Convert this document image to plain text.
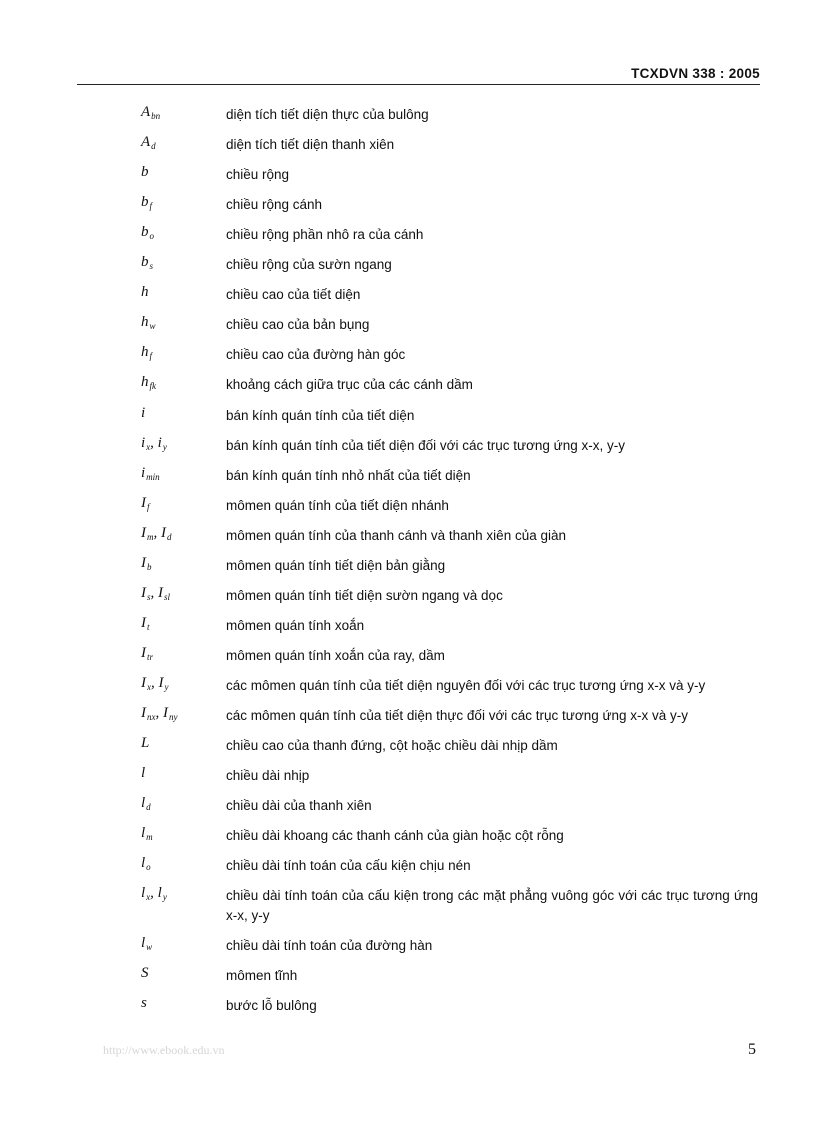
TCXDVN 338 : 2005
$A_{bn}$	diện tích tiết diện thực của bulông
$A_d$	diện tích tiết diện thanh xiên
b	chiều rộng
$b_f$	chiều rộng cánh
$b_o$	chiều rộng phần nhô ra của cánh
$b_s$	chiều rộng của sườn ngang
h	chiều cao của tiết diện
$h_w$	chiều cao của bản bụng
$h_f$	chiều cao của đường hàn góc
$h_{fk}$	khoảng cách giữa trục của các cánh dầm
i	bán kính quán tính của tiết diện
$i_x$, $i_y$	bán kính quán tính của tiết diện đối với các trục tương ứng x-x, y-y
$i_{min}$	bán kính quán tính nhỏ nhất của tiết diện
$I_f$	mômen quán tính của tiết diện nhánh
$I_m$, $I_d$	mômen quán tính của thanh cánh và thanh xiên của giàn
$I_b$	mômen quán tính tiết diện bản giằng
$I_s$, $I_{sl}$	mômen quán tính tiết diện sườn ngang và dọc
$I_t$	mômen quán tính xoắn
$I_{tr}$	mômen quán tính xoắn của ray, dầm
$I_x$, $I_y$	các mômen quán tính của tiết diện nguyên đối với các trục tương ứng x-x và y-y
$I_{nx}$, $I_{ny}$	các mômen quán tính của tiết diện thực đối với các trục tương ứng x-x và y-y
L	chiều cao của thanh đứng, cột hoặc chiều dài nhịp dầm
l	chiều dài nhịp
$l_d$	chiều dài của thanh xiên
$l_m$	chiều dài khoang các thanh cánh của giàn hoặc cột rỗng
$l_o$	chiều dài tính toán của cấu kiện chịu nén
$l_x$, $l_y$	chiều dài tính toán của cấu kiện trong các mặt phẳng vuông góc với các trục tương ứng x-x, y-y
$l_w$	chiều dài tính toán của đường hàn
S	mômen tĩnh
s	bước lỗ bulông
http://www.ebook.edu.vn	5
